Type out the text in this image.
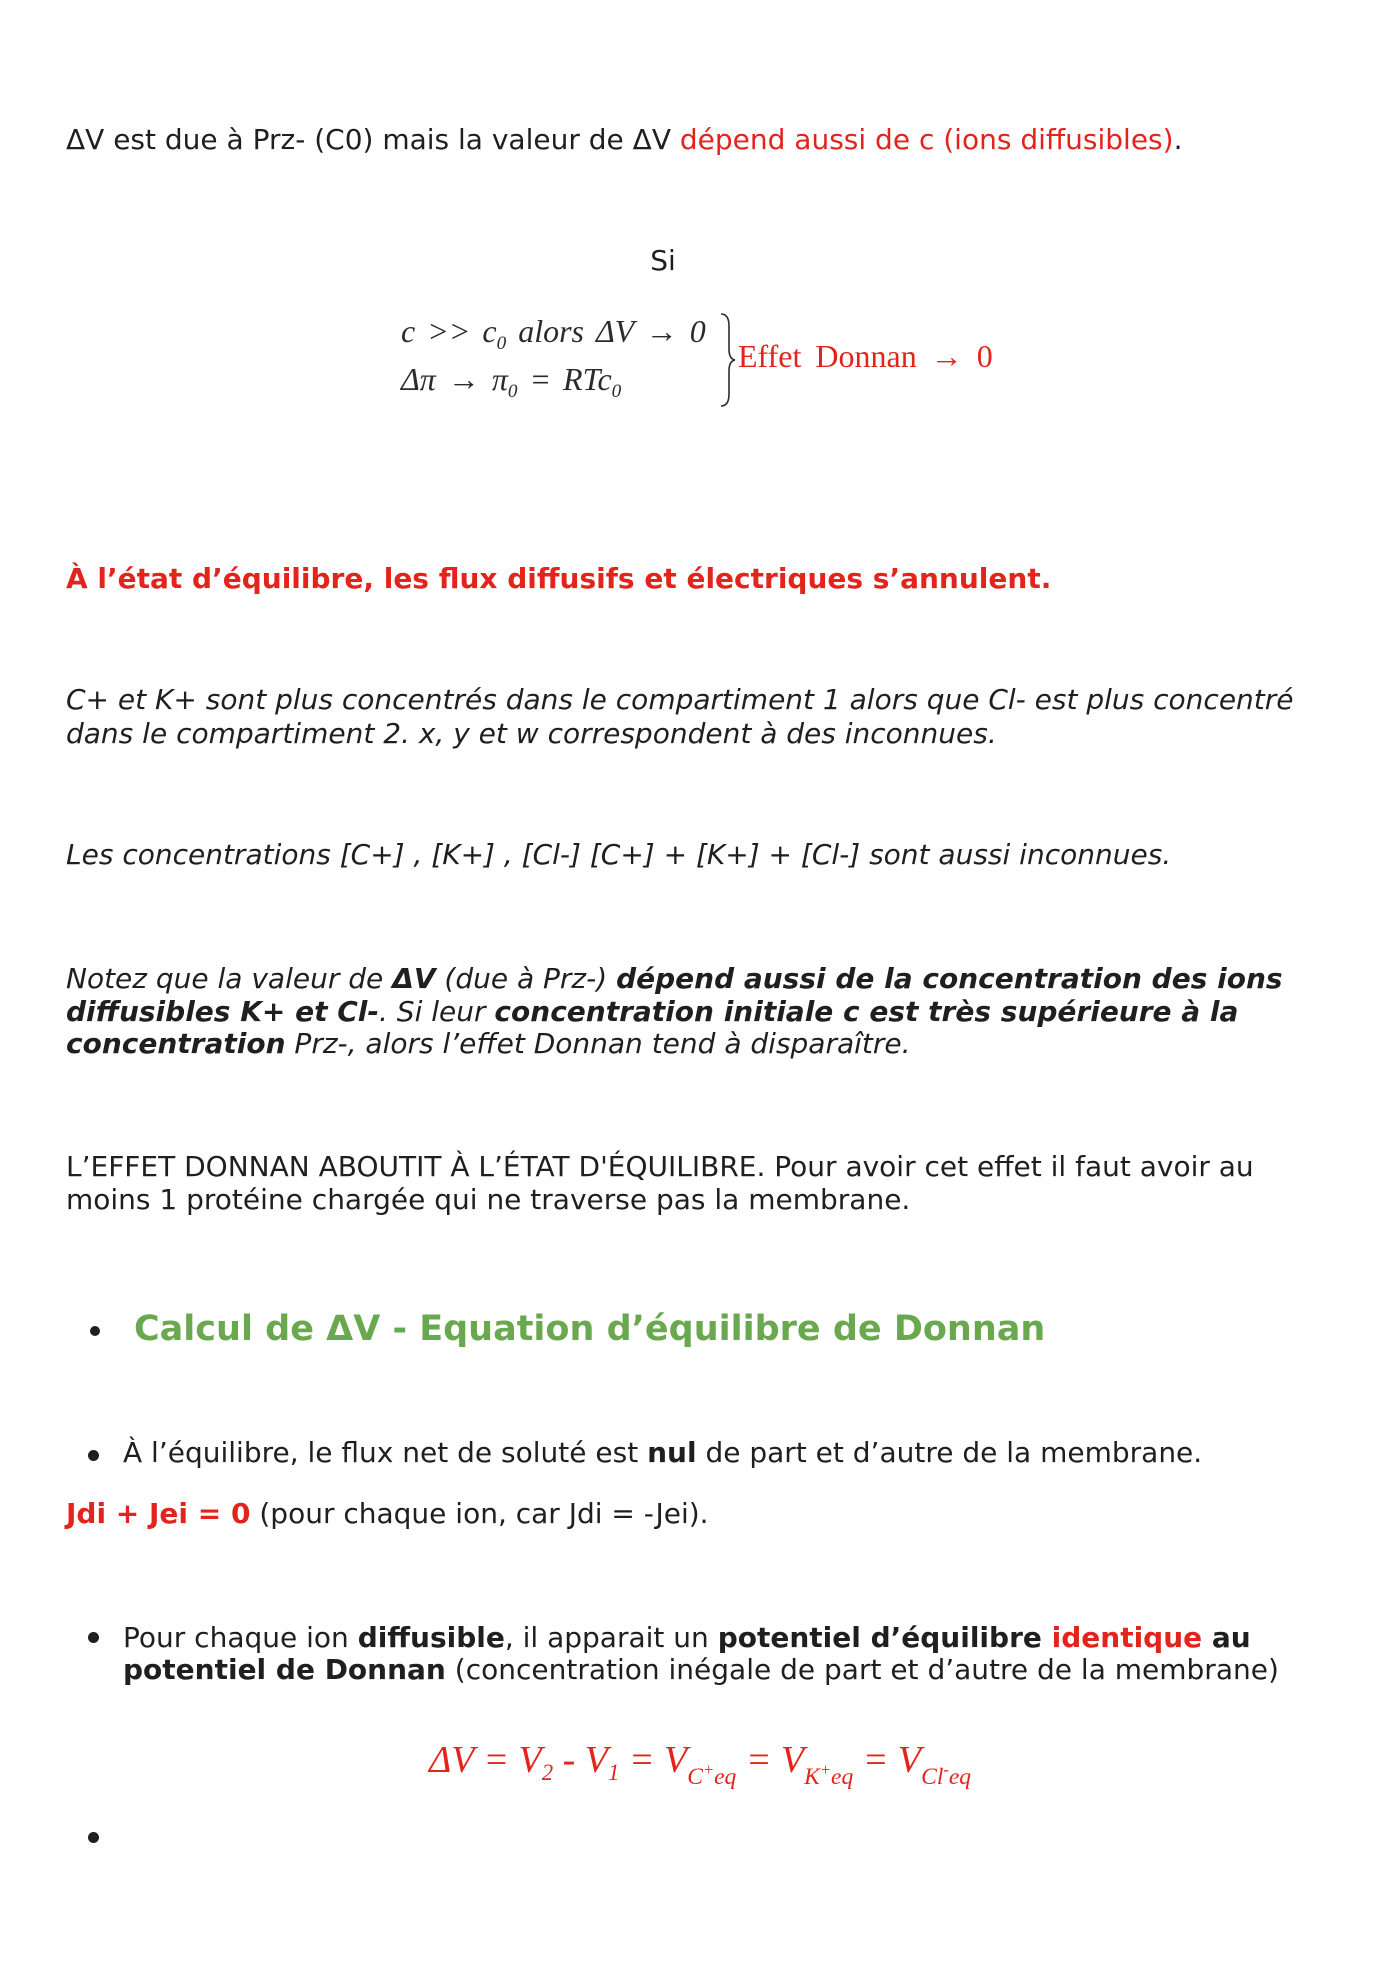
ΔV est due à Prz- (C0) mais la valeur de ΔV dépend aussi de c (ions diffusibles).
Si
$c >> c_0$ alors ΔV → 0
$\Delta\pi \to \pi_0 = RTc_0$
Effet Donnan → 0
À l’état d’équilibre, les flux diffusifs et électriques s’annulent.
C+ et K+ sont plus concentrés dans le compartiment 1 alors que Cl- est plus concentré
dans le compartiment 2. x, y et w correspondent à des inconnues.
Les concentrations [C+] , [K+] , [Cl-] [C+] + [K+] + [Cl-] sont aussi inconnues.
Notez que la valeur de ΔV (due à Prz-) dépend aussi de la concentration des ions
diffusibles K+ et Cl-. Si leur concentration initiale c est très supérieure à la
concentration Prz-, alors l’effet Donnan tend à disparaître.
L’EFFET DONNAN ABOUTIT À L’ÉTAT D'ÉQUILIBRE. Pour avoir cet effet il faut avoir au
moins 1 protéine chargée qui ne traverse pas la membrane.
Calcul de ΔV - Equation d’équilibre de Donnan
À l’équilibre, le flux net de soluté est nul de part et d’autre de la membrane.
Jdi + Jei = 0 (pour chaque ion, car Jdi = -Jei).
Pour chaque ion diffusible, il apparait un potentiel d’équilibre identique au
potentiel de Donnan (concentration inégale de part et d’autre de la membrane)
$\Delta V = V_2 - V_1 = V_{C^+eq} = V_{K^+eq} = V_{Cl^-eq}$
